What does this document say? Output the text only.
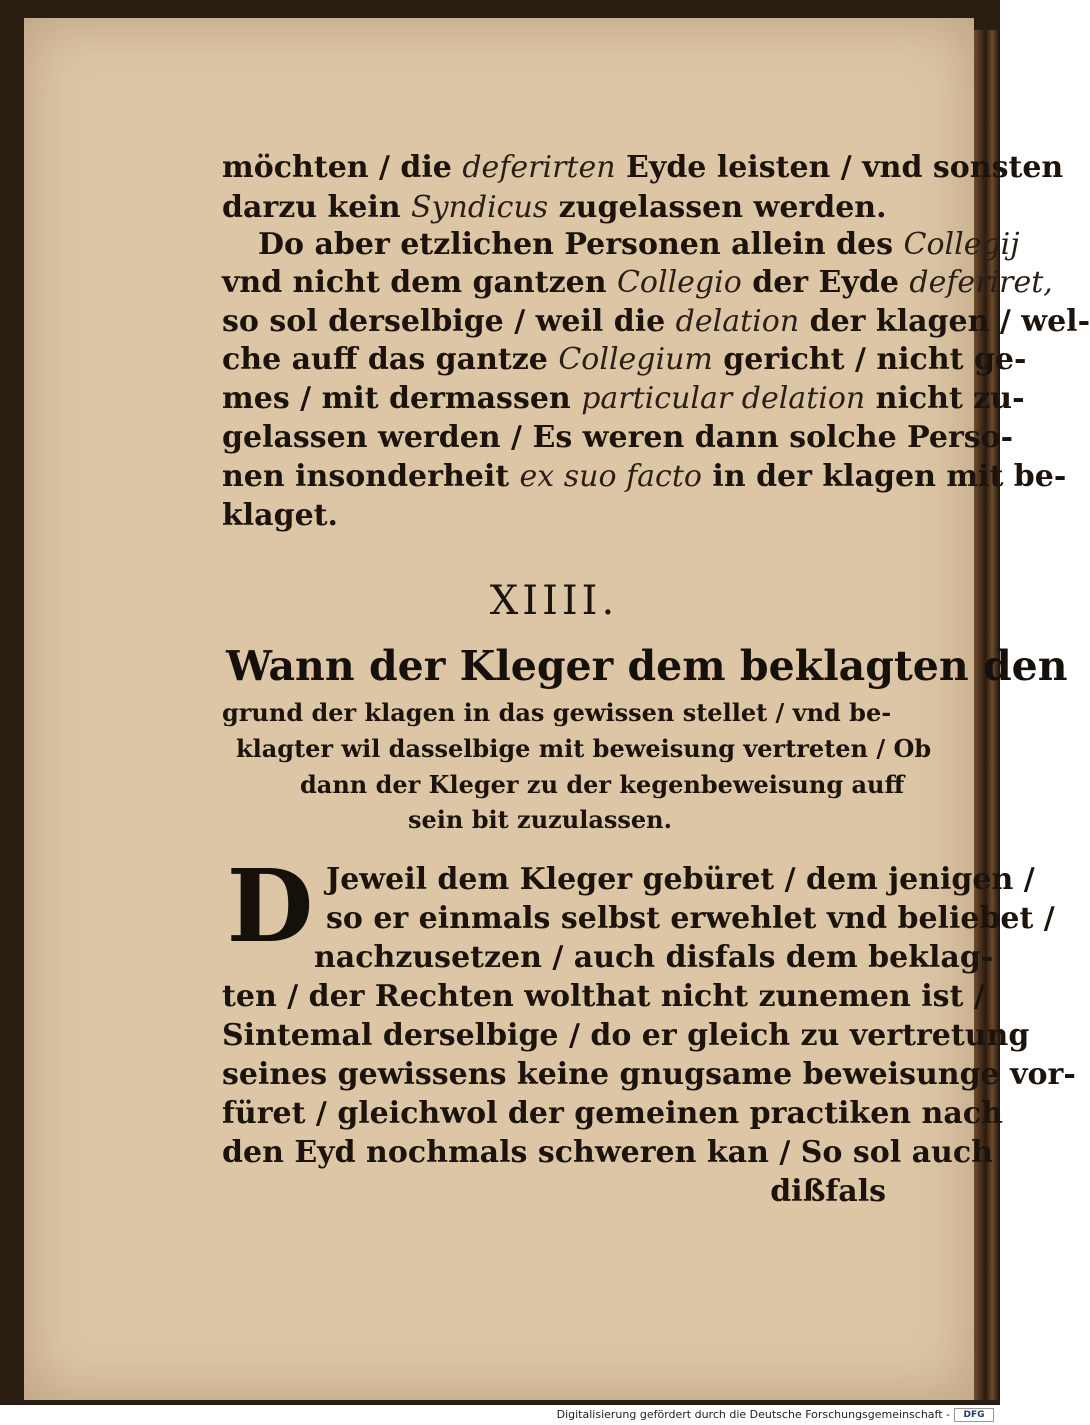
möchten / die deferirten Eyde leisten / vnd sonsten
darzu kein Syndicus zugelassen werden.
Do aber etzlichen Personen allein des Collegij
vnd nicht dem gantzen Collegio der Eyde deferiret,
so sol derselbige / weil die delation der klagen / wel-
che auff das gantze Collegium gericht / nicht ge-
mes / mit dermassen particular delation nicht zu-
gelassen werden / Es weren dann solche Perso-
nen insonderheit ex suo facto in der klagen mit be-
klaget.
XIIII.
Wann der Kleger dem beklagten den
grund der klagen in das gewissen stellet / vnd be-
klagter wil dasselbige mit beweisung vertreten / Ob
dann der Kleger zu der kegenbeweisung auff
sein bit zuzulassen.
D Jeweil dem Kleger gebüret / dem jenigen /
so er einmals selbst erwehlet vnd beliebet /
nachzusetzen / auch disfals dem beklag-
ten / der Rechten wolthat nicht zunemen ist /
Sintemal derselbige / do er gleich zu vertretung
seines gewissens keine gnugsame beweisunge vor-
füret / gleichwol der gemeinen practiken nach
den Eyd nochmals schweren kan / So sol auch
dißfals
Digitalisierung gefördert durch die Deutsche Forschungsgemeinschaft -	DFG
